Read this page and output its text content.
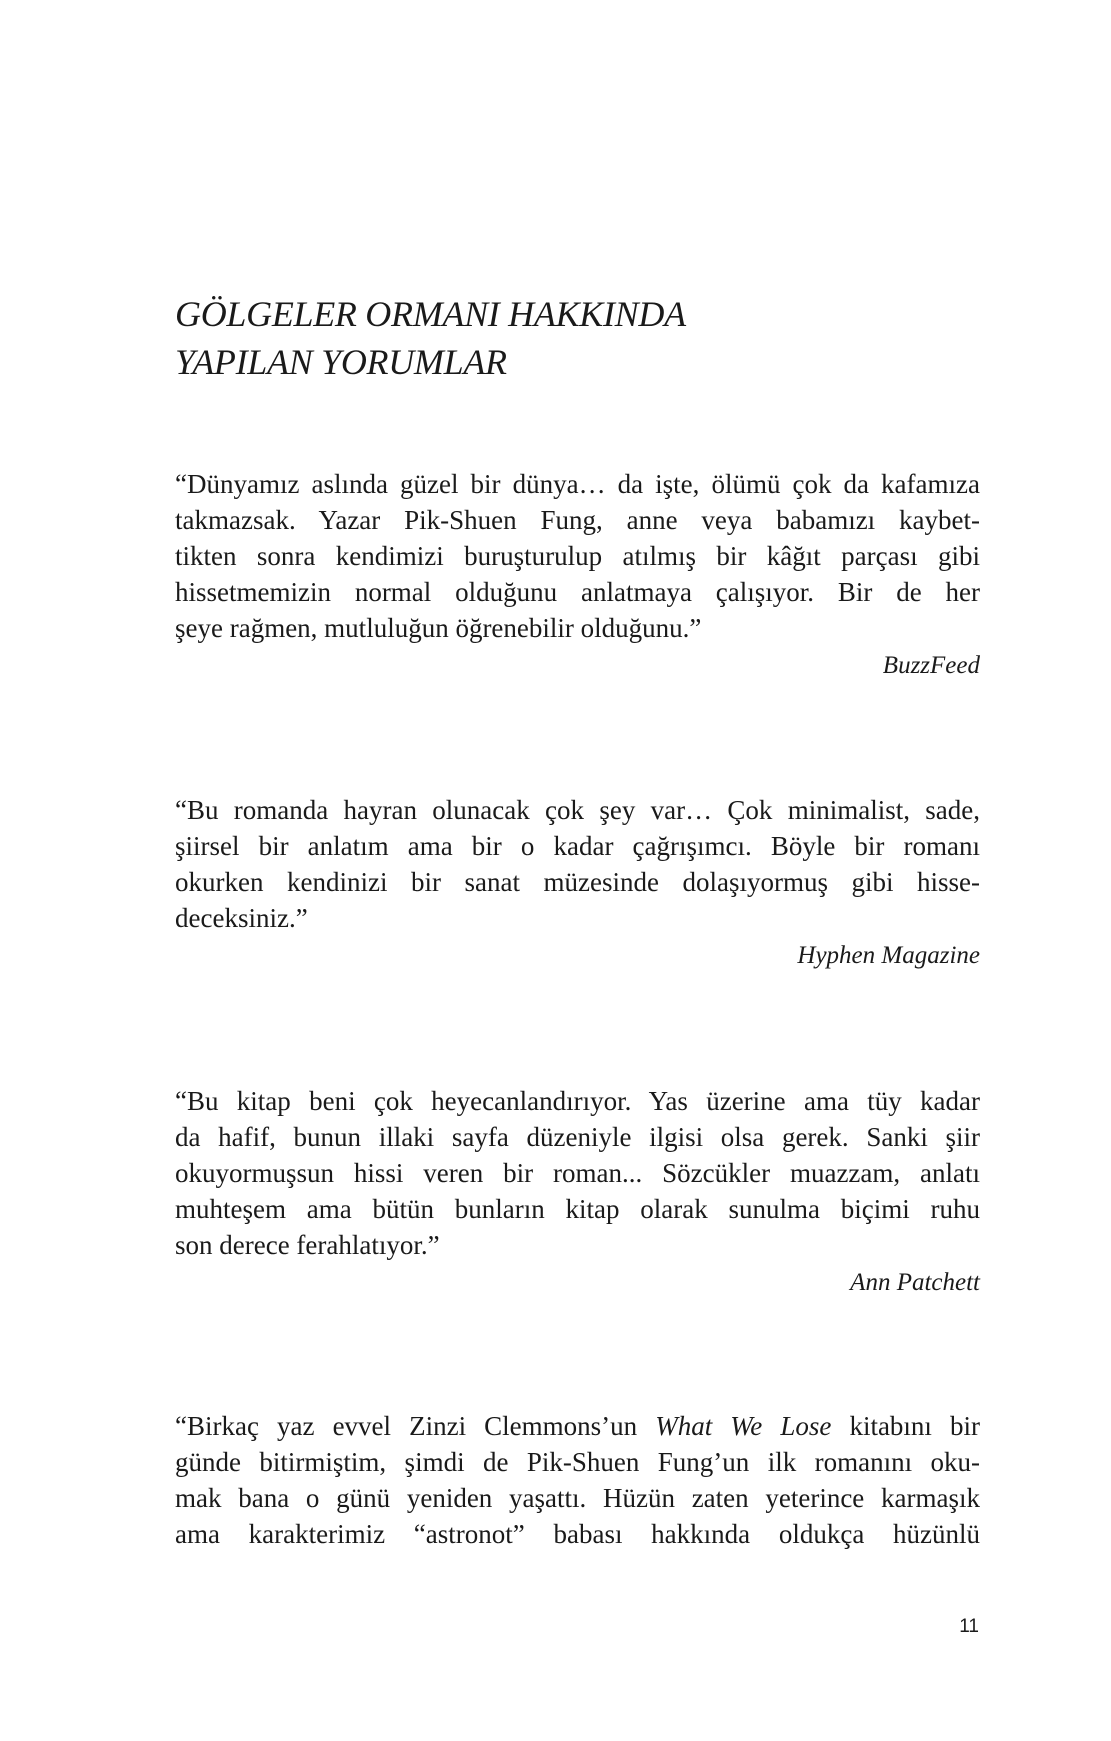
GÖLGELER ORMANI HAKKINDA
YAPILAN YORUMLAR

“Dünyamız aslında güzel bir dünya… da işte, ölümü çok da kafamıza
takmazsak. Yazar Pik-Shuen Fung, anne veya babamızı kaybet-
tikten sonra kendimizi buruşturulup atılmış bir kâğıt parçası gibi
hissetmemizin normal olduğunu anlatmaya çalışıyor. Bir de her
şeye rağmen, mutluluğun öğrenebilir olduğunu.”

BuzzFeed

“Bu romanda hayran olunacak çok şey var… Çok minimalist, sade,
şiirsel bir anlatım ama bir o kadar çağrışımcı. Böyle bir romanı
okurken kendinizi bir sanat müzesinde dolaşıyormuş gibi hisse-
deceksiniz.”

Hyphen Magazine

“Bu kitap beni çok heyecanlandırıyor. Yas üzerine ama tüy kadar
da hafif, bunun illaki sayfa düzeniyle ilgisi olsa gerek. Sanki şiir
okuyormuşsun hissi veren bir roman... Sözcükler muazzam, anlatı
muhteşem ama bütün bunların kitap olarak sunulma biçimi ruhu
son derece ferahlatıyor.”

Ann Patchett

“Birkaç yaz evvel Zinzi Clemmons’un What We Lose kitabını bir
günde bitirmiştim, şimdi de Pik-Shuen Fung’un ilk romanını oku-
mak bana o günü yeniden yaşattı. Hüzün zaten yeterince karmaşık
ama karakterimiz “astronot” babası hakkında oldukça hüzünlü

11
